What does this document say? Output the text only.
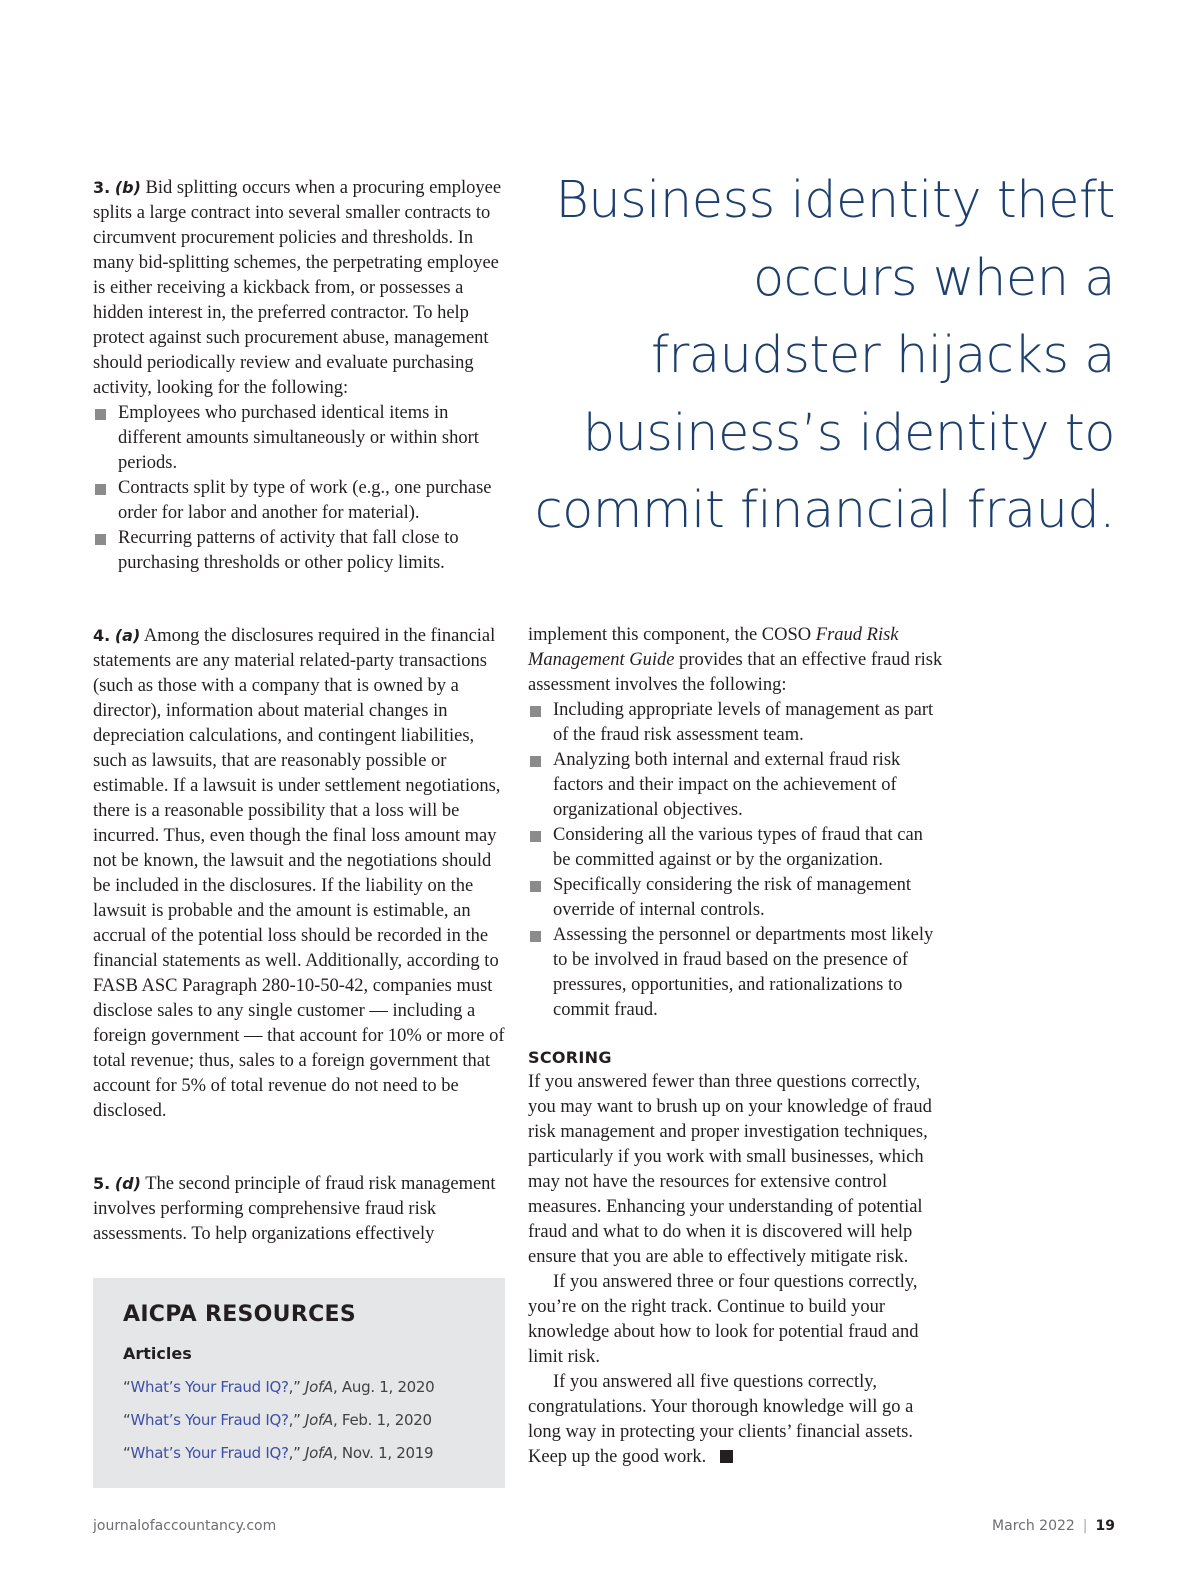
3. (b) Bid splitting occurs when a procuring employee splits a large contract into several smaller contracts to circumvent procurement policies and thresholds. In many bid-splitting schemes, the perpetrating employee is either receiving a kickback from, or possesses a hidden interest in, the preferred contractor. To help protect against such procurement abuse, management should periodically review and evaluate purchasing activity, looking for the following:

Employees who purchased identical items in different amounts simultaneously or within short periods.
Contracts split by type of work (e.g., one purchase order for labor and another for material).
Recurring patterns of activity that fall close to purchasing thresholds or other policy limits.

4. (a) Among the disclosures required in the financial statements are any material related-party transactions (such as those with a company that is owned by a director), information about material changes in depreciation calculations, and contingent liabilities, such as lawsuits, that are reasonably possible or estimable. If a lawsuit is under settlement negotiations, there is a reasonable possibility that a loss will be incurred. Thus, even though the final loss amount may not be known, the lawsuit and the negotiations should be included in the disclosures. If the liability on the lawsuit is probable and the amount is estimable, an accrual of the potential loss should be recorded in the financial statements as well. Additionally, according to FASB ASC Paragraph 280-10-50-42, companies must disclose sales to any single customer — including a foreign government — that account for 10% or more of total revenue; thus, sales to a foreign government that account for 5% of total revenue do not need to be disclosed.

5. (d) The second principle of fraud risk management involves performing comprehensive fraud risk assessments. To help organizations effectively

AICPA RESOURCES
Articles
“What’s Your Fraud IQ?,” JofA, Aug. 1, 2020
“What’s Your Fraud IQ?,” JofA, Feb. 1, 2020
“What’s Your Fraud IQ?,” JofA, Nov. 1, 2019
Business identity theft occurs when a fraudster hijacks a business’s identity to commit financial fraud.

implement this component, the COSO Fraud Risk Management Guide provides that an effective fraud risk assessment involves the following:

Including appropriate levels of management as part of the fraud risk assessment team.
Analyzing both internal and external fraud risk factors and their impact on the achievement of organizational objectives.
Considering all the various types of fraud that can be committed against or by the organization.
Specifically considering the risk of management override of internal controls.
Assessing the personnel or departments most likely to be involved in fraud based on the presence of pressures, opportunities, and rationalizations to commit fraud.

SCORING

If you answered fewer than three questions correctly, you may want to brush up on your knowledge of fraud risk management and proper investigation techniques, particularly if you work with small businesses, which may not have the resources for extensive control measures. Enhancing your understanding of potential fraud and what to do when it is discovered will help ensure that you are able to effectively mitigate risk.

If you answered three or four questions correctly, you’re on the right track. Continue to build your knowledge about how to look for potential fraud and limit risk.

If you answered all five questions correctly, congratulations. Your thorough knowledge will go a long way in protecting your clients’ financial assets. Keep up the good work.

journalofaccountancy.com	March 2022 | 19
